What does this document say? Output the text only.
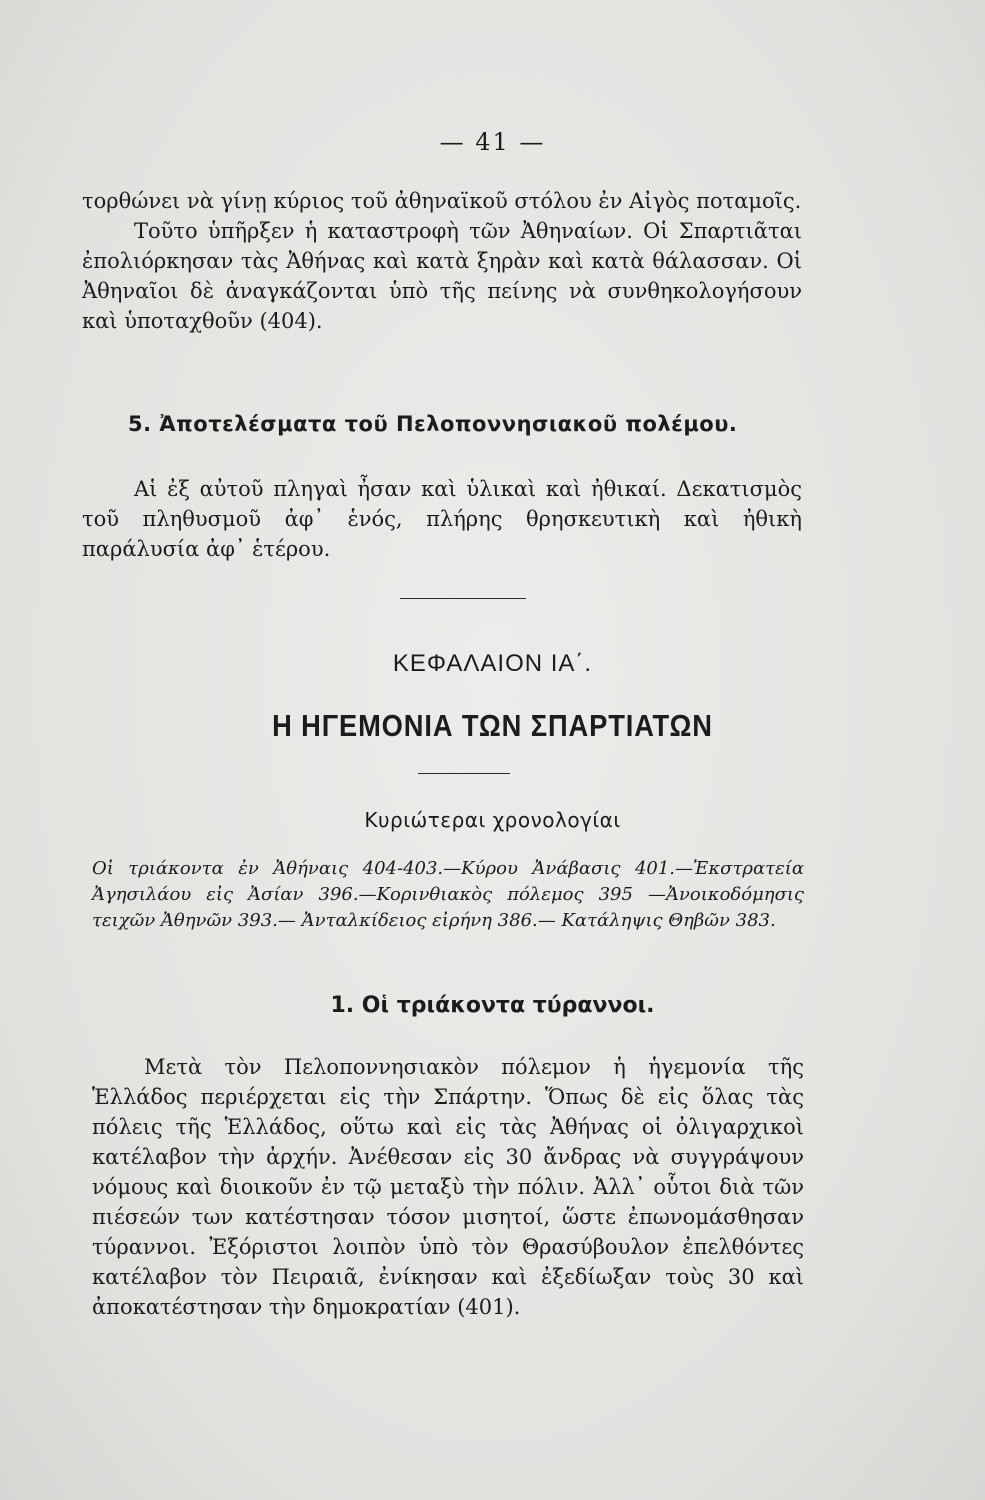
— 41 —

τορθώνει νὰ γίνῃ κύριος τοῦ ἀθηναϊκοῦ στόλου ἐν Αἰγὸς ποταμοῖς.

Τοῦτο ὑπῆρξεν ἡ καταστροφὴ τῶν Ἀθηναίων. Οἱ Σπαρτιᾶται ἐπολιόρκησαν τὰς Ἀθήνας καὶ κατὰ ξηρὰν καὶ κατὰ θάλασσαν. Οἱ Ἀθηναῖοι δὲ ἀναγκάζονται ὑπὸ τῆς πείνης νὰ συνθηκολογήσουν καὶ ὑποταχθοῦν (404).

5. Ἀποτελέσματα τοῦ Πελοποννησιακοῦ πολέμου.

Αἱ ἐξ αὐτοῦ πληγαὶ ἦσαν καὶ ὑλικαὶ καὶ ἠθικαί. Δεκατισμὸς τοῦ πληθυσμοῦ ἀφ᾽ ἑνός, πλήρης θρησκευτικὴ καὶ ἠθικὴ παράλυσία ἀφ᾽ ἑτέρου.

ΚΕΦΑΛΑΙΟΝ ΙΑ΄.
Η ΗΓΕΜΟΝΙΑ ΤΩΝ ΣΠΑΡΤΙΑΤΩΝ
Κυριώτεραι χρονολογίαι

Οἱ τριάκοντα ἐν Ἀθήναις 404-403.—Κύρου Ἀνάβασις 401.—Ἐκστρατεία Ἀγησιλάου εἰς Ἀσίαν 396.—Κορινθιακὸς πόλεμος 395 —Ἀνοικοδόμησις τειχῶν Ἀθηνῶν 393.— Ἀνταλκίδειος εἰρήνη 386.— Κατάληψις Θηβῶν 383.

1. Οἱ τριάκοντα τύραννοι.

Μετὰ τὸν Πελοποννησιακὸν πόλεμον ἡ ἡγεμονία τῆς Ἑλλάδος περιέρχεται εἰς τὴν Σπάρτην. Ὅπως δὲ εἰς ὅλας τὰς πόλεις τῆς Ἑλλάδος, οὕτω καὶ εἰς τὰς Ἀθήνας οἱ ὀλιγαρχικοὶ κατέλαβον τὴν ἀρχήν. Ἀνέθεσαν εἰς 30 ἄνδρας νὰ συγγράψουν νόμους καὶ διοικοῦν ἐν τῷ μεταξὺ τὴν πόλιν. Ἀλλ᾽ οὗτοι διὰ τῶν πιέσεών των κατέστησαν τόσον μισητοί, ὥστε ἐπωνομάσθησαν τύραννοι. Ἐξόριστοι λοιπὸν ὑπὸ τὸν Θρασύβουλον ἐπελθόντες κατέλαβον τὸν Πειραιᾶ, ἐνίκησαν καὶ ἐξεδίωξαν τοὺς 30 καὶ ἀποκατέστησαν τὴν δημοκρατίαν (401).
